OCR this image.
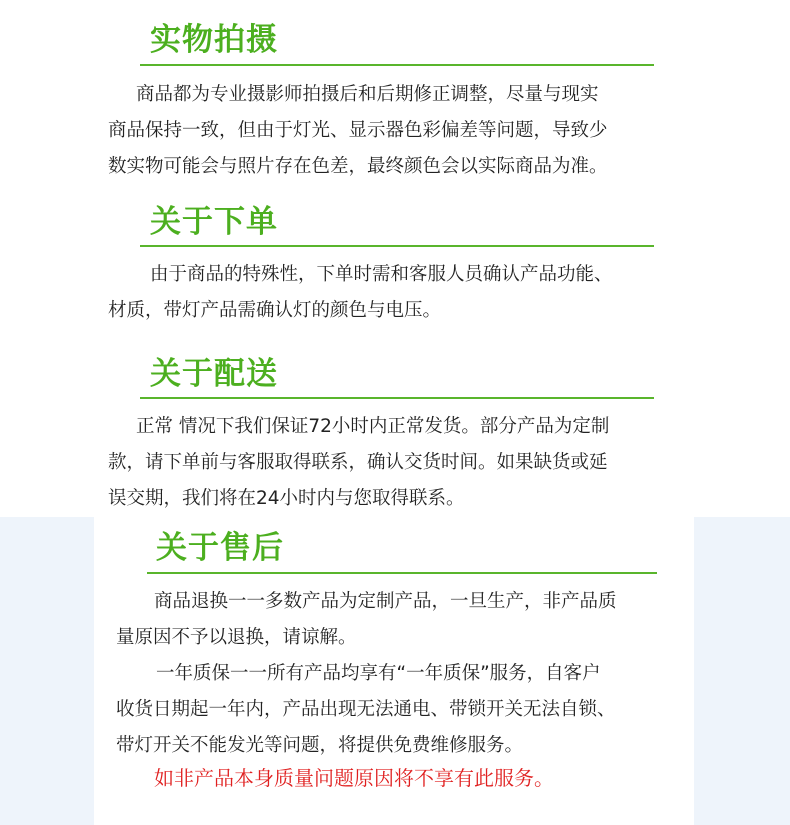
实物拍摄

商品都为专业摄影师拍摄后和后期修正调整，尽量与现实
商品保持一致，但由于灯光、显示器色彩偏差等问题，导致少
数实物可能会与照片存在色差，最终颜色会以实际商品为准。

关于下单

由于商品的特殊性，下单时需和客服人员确认产品功能、
材质，带灯产品需确认灯的颜色与电压。

关于配送

正常 情况下我们保证72小时内正常发货。部分产品为定制
款，请下单前与客服取得联系，确认交货时间。如果缺货或延
误交期，我们将在24小时内与您取得联系。

关于售后

商品退换一一多数产品为定制产品，一旦生产，非产品质
量原因不予以退换，请谅解。
一年质保一一所有产品均享有“一年质保”服务，自客户
收货日期起一年内，产品出现无法通电、带锁开关无法自锁、
带灯开关不能发光等问题，将提供免费维修服务。

如非产品本身质量问题原因将不享有此服务。
